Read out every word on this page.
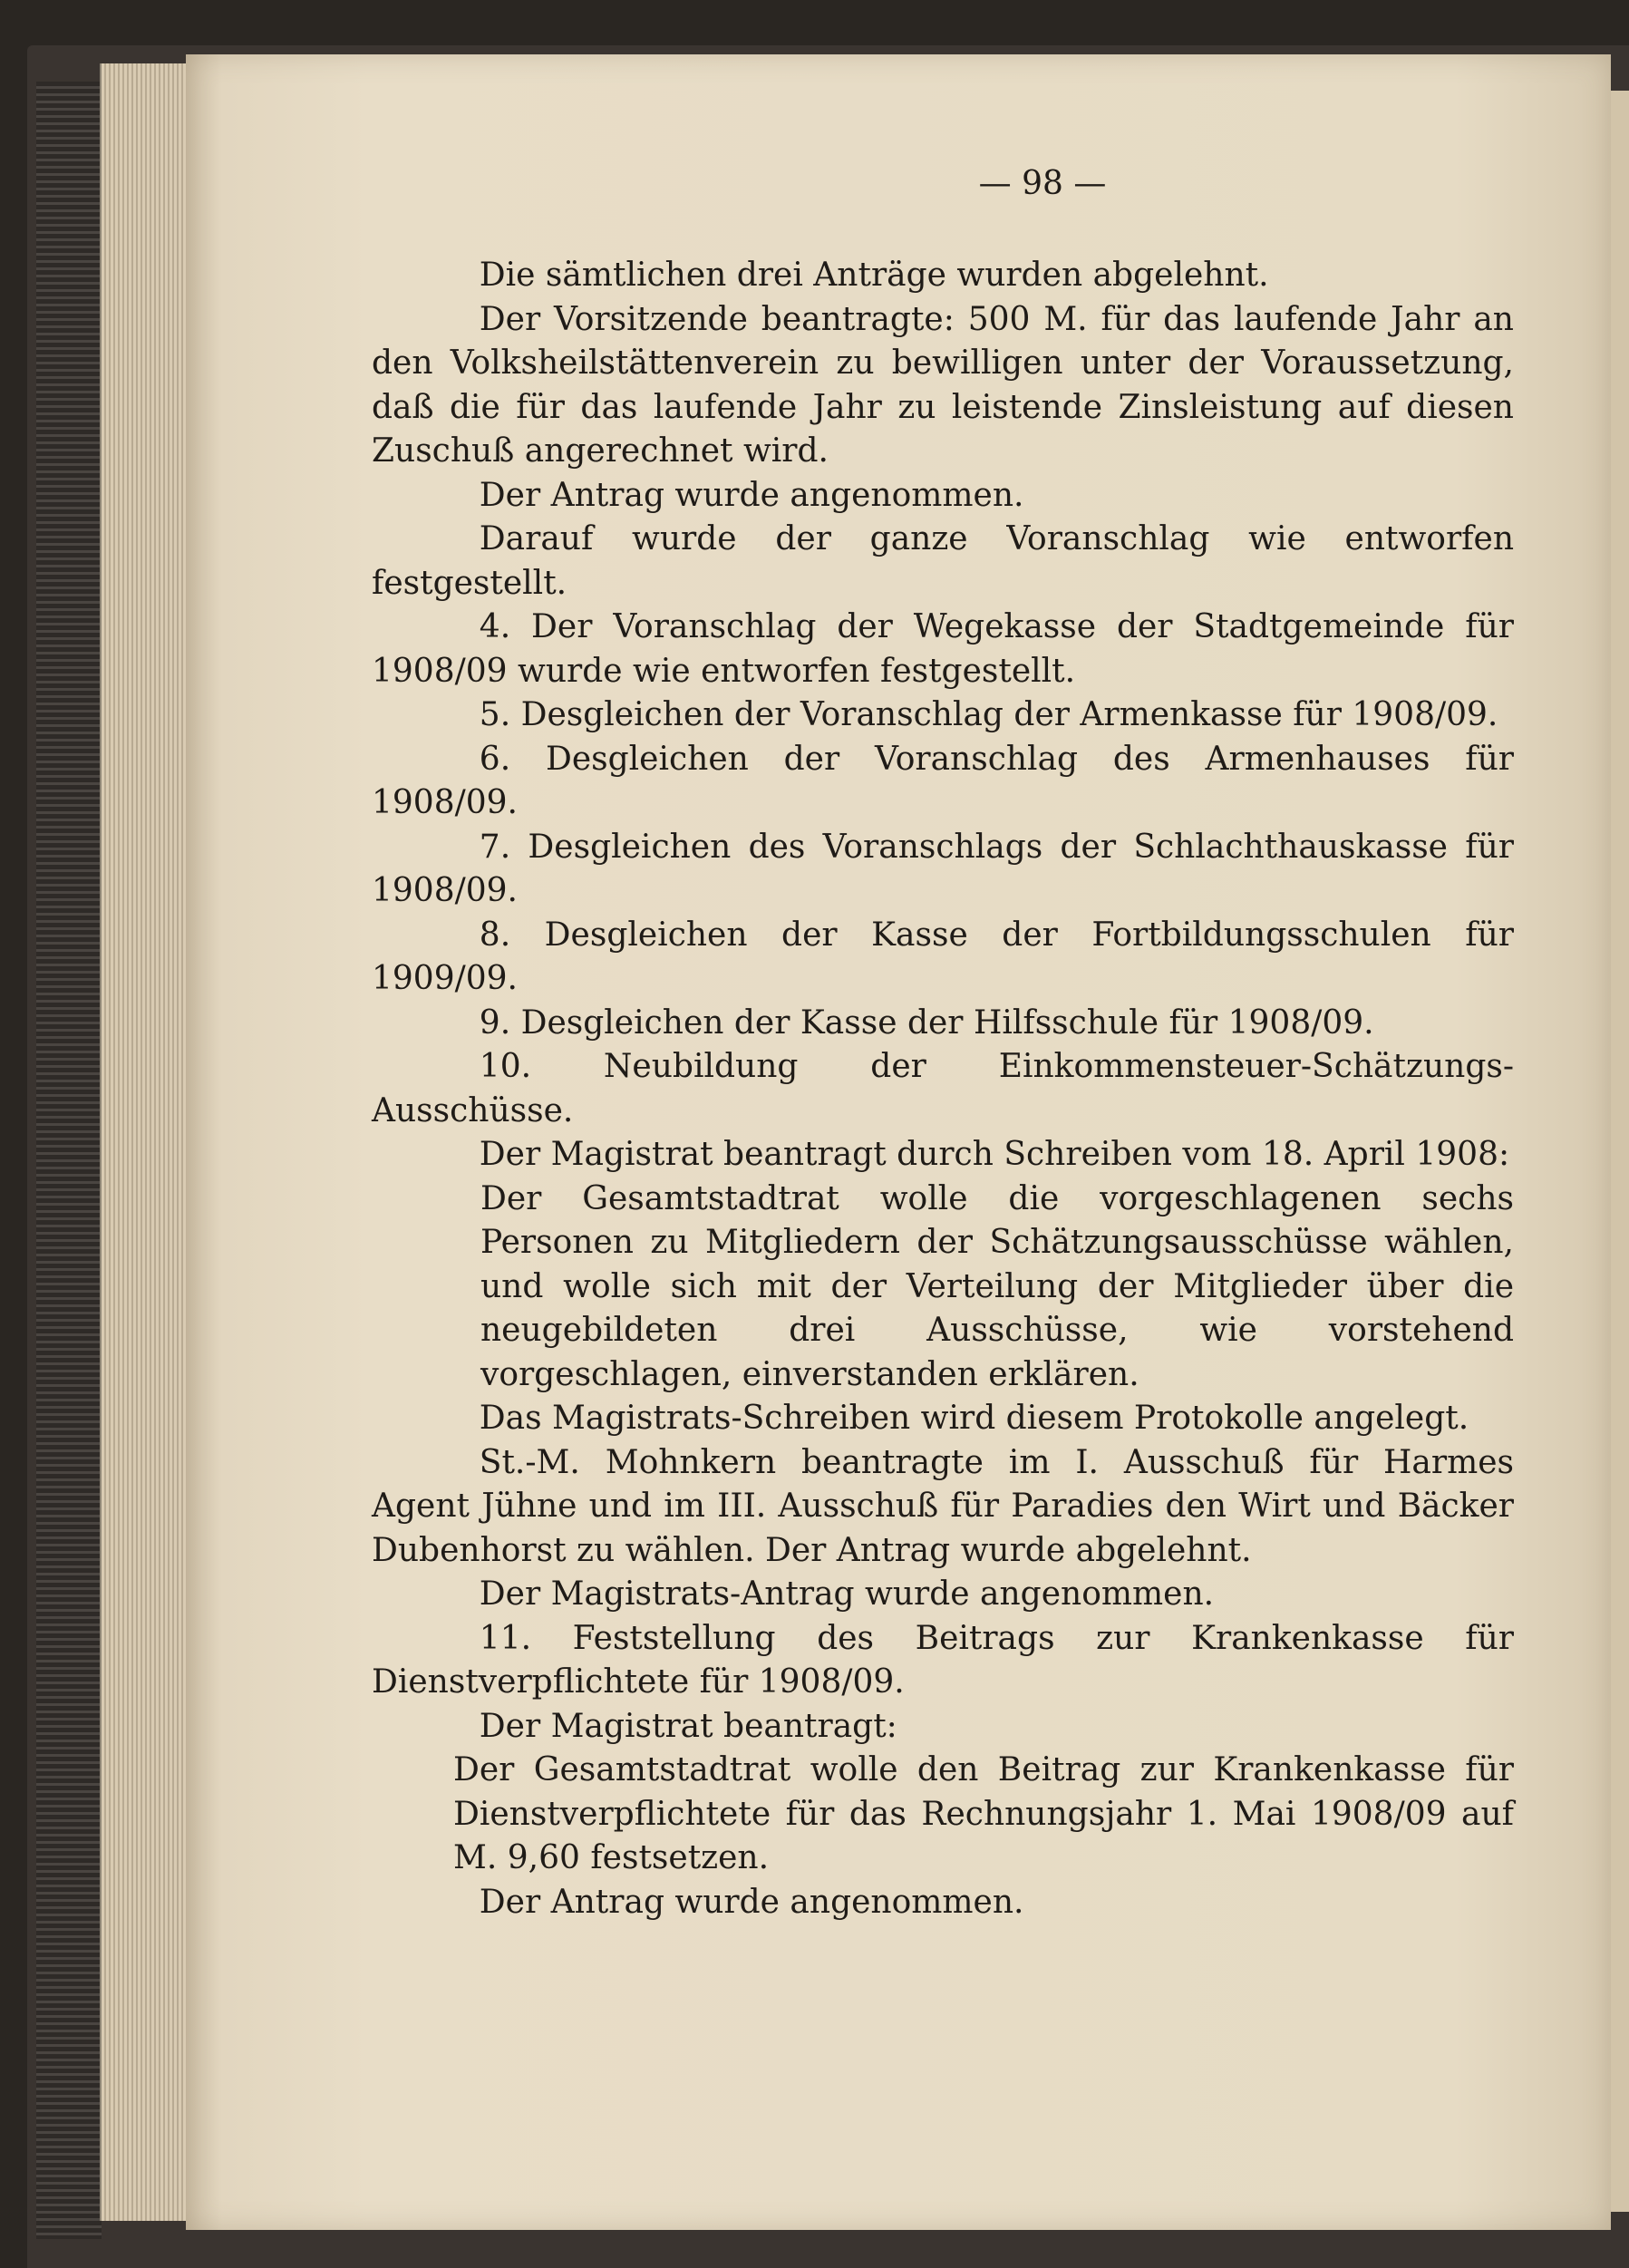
— 98 —

Die sämtlichen drei Anträge wurden abgelehnt.

Der Vorsitzende beantragte: 500 M. für das laufende Jahr an den Volksheilstättenverein zu bewilligen unter der Voraussetzung, daß die für das laufende Jahr zu leistende Zinsleistung auf diesen Zuschuß angerechnet wird.

Der Antrag wurde angenommen.

Darauf wurde der ganze Voranschlag wie entworfen festgestellt.

4. Der Voranschlag der Wegekasse der Stadtgemeinde für 1908/09 wurde wie entworfen festgestellt.

5. Desgleichen der Voranschlag der Armenkasse für 1908/09.

6. Desgleichen der Voranschlag des Armenhauses für 1908/09.

7. Desgleichen des Voranschlags der Schlachthauskasse für 1908/09.

8. Desgleichen der Kasse der Fortbildungsschulen für 1909/09.

9. Desgleichen der Kasse der Hilfsschule für 1908/09.

10. Neubildung der Einkommensteuer-Schätzungs-Ausschüsse.

Der Magistrat beantragt durch Schreiben vom 18. April 1908:

Der Gesamtstadtrat wolle die vorgeschlagenen sechs Personen zu Mitgliedern der Schätzungsausschüsse wählen, und wolle sich mit der Verteilung der Mitglieder über die neugebildeten drei Ausschüsse, wie vorstehend vorgeschlagen, einverstanden erklären.

Das Magistrats-Schreiben wird diesem Protokolle angelegt.

St.-M. Mohnkern beantragte im I. Ausschuß für Harmes Agent Jühne und im III. Ausschuß für Paradies den Wirt und Bäcker Dubenhorst zu wählen. Der Antrag wurde abgelehnt.

Der Magistrats-Antrag wurde angenommen.

11. Feststellung des Beitrags zur Krankenkasse für Dienstverpflichtete für 1908/09.

Der Magistrat beantragt:

Der Gesamtstadtrat wolle den Beitrag zur Krankenkasse für Dienstverpflichtete für das Rechnungsjahr 1. Mai 1908/09 auf M. 9,60 festsetzen.

Der Antrag wurde angenommen.
